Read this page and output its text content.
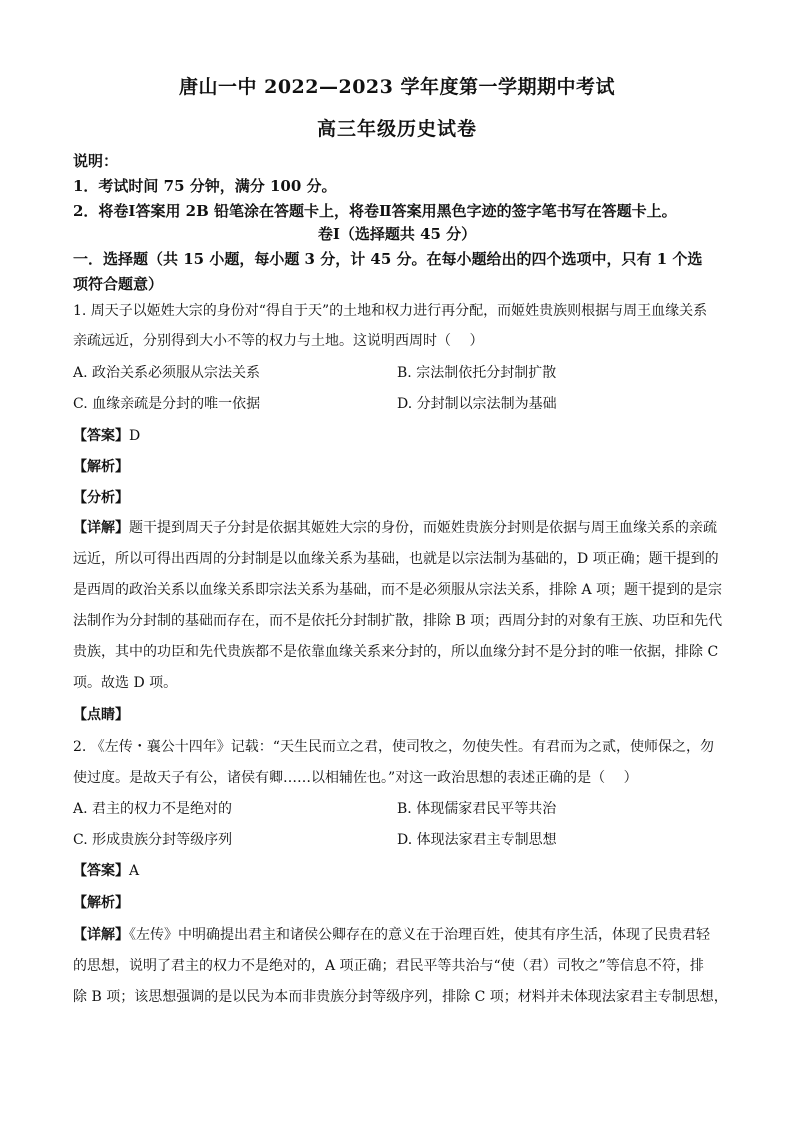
唐山一中 2022—2023 学年度第一学期期中考试
高三年级历史试卷
说明：
1．考试时间 75 分钟，满分 100 分。
2．将卷Ⅰ答案用 2B 铅笔涂在答题卡上，将卷Ⅱ答案用黑色字迹的签字笔书写在答题卡上。
卷Ⅰ（选择题共 45 分）
一．选择题（共 15 小题，每小题 3 分，计 45 分。在每小题给出的四个选项中，只有 1 个选
项符合题意）
1. 周天子以姬姓大宗的身份对“得自于天”的土地和权力进行再分配，而姬姓贵族则根据与周王血缘关系
亲疏远近，分别得到大小不等的权力与土地。这说明西周时（　 ）
A. 政治关系必须服从宗法关系	B. 宗法制依托分封制扩散
C. 血缘亲疏是分封的唯一依据	D. 分封制以宗法制为基础
【答案】D
【解析】
【分析】
【详解】题干提到周天子分封是依据其姬姓大宗的身份，而姬姓贵族分封则是依据与周王血缘关系的亲疏
远近，所以可得出西周的分封制是以血缘关系为基础，也就是以宗法制为基础的，D 项正确；题干提到的
是西周的政治关系以血缘关系即宗法关系为基础，而不是必须服从宗法关系，排除 A 项；题干提到的是宗
法制作为分封制的基础而存在，而不是依托分封制扩散，排除 B 项；西周分封的对象有王族、功臣和先代
贵族，其中的功臣和先代贵族都不是依靠血缘关系来分封的，所以血缘分封不是分封的唯一依据，排除 C
项。故选 D 项。
【点睛】
2. 《左传・襄公十四年》记载：“天生民而立之君，使司牧之，勿使失性。有君而为之贰，使师保之，勿
使过度。是故天子有公，诸侯有卿……以相辅佐也。”对这一政治思想的表述正确的是（　 ）
A. 君主的权力不是绝对的	B. 体现儒家君民平等共治
C. 形成贵族分封等级序列	D. 体现法家君主专制思想
【答案】A
【解析】
【详解】《左传》中明确提出君主和诸侯公卿存在的意义在于治理百姓，使其有序生活，体现了民贵君轻
的思想，说明了君主的权力不是绝对的，A 项正确；君民平等共治与“使（君）司牧之”等信息不符，排
除 B 项；该思想强调的是以民为本而非贵族分封等级序列，排除 C 项；材料并未体现法家君主专制思想，
